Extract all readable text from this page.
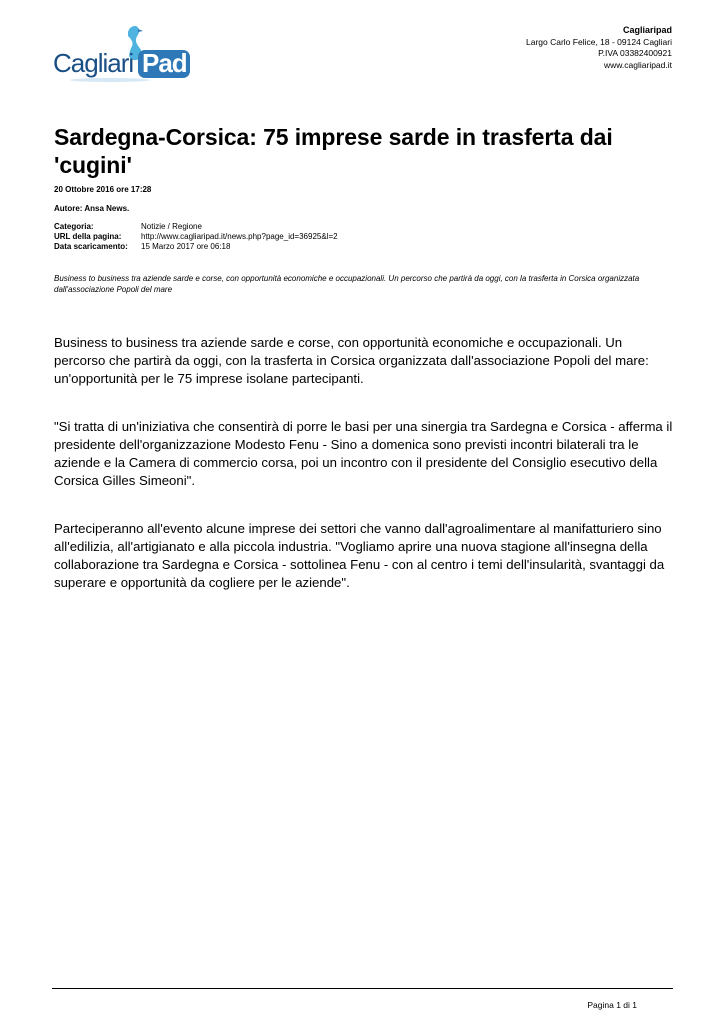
Cagliari Pad
Cagliaripad
Largo Carlo Felice, 18 - 09124 Cagliari
P.IVA 03382400921
www.cagliaripad.it
Sardegna-Corsica: 75 imprese sarde in trasferta dai 'cugini'
20 Ottobre 2016 ore 17:28
Autore: Ansa News.
Categoria:	Notizie / Regione
URL della pagina:	http://www.cagliaripad.it/news.php?page_id=36925&l=2
Data scaricamento:	15 Marzo 2017 ore 06:18
Business to business tra aziende sarde e corse, con opportunità economiche e occupazionali. Un percorso che partirà da oggi, con la trasferta in Corsica organizzata dall'associazione Popoli del mare

Business to business tra aziende sarde e corse, con opportunità economiche e occupazionali. Un percorso che partirà da oggi, con la trasferta in Corsica organizzata dall'associazione Popoli del mare: un'opportunità per le 75 imprese isolane partecipanti.

"Si tratta di un'iniziativa che consentirà di porre le basi per una sinergia tra Sardegna e Corsica - afferma il presidente dell'organizzazione Modesto Fenu - Sino a domenica sono previsti incontri bilaterali tra le aziende e la Camera di commercio corsa, poi un incontro con il presidente del Consiglio esecutivo della Corsica Gilles Simeoni".

Parteciperanno all'evento alcune imprese dei settori che vanno dall'agroalimentare al manifatturiero sino all'edilizia, all'artigianato e alla piccola industria. "Vogliamo aprire una nuova stagione all'insegna della collaborazione tra Sardegna e Corsica - sottolinea Fenu - con al centro i temi dell'insularità, svantaggi da superare e opportunità da cogliere per le aziende".

Pagina 1 di 1
